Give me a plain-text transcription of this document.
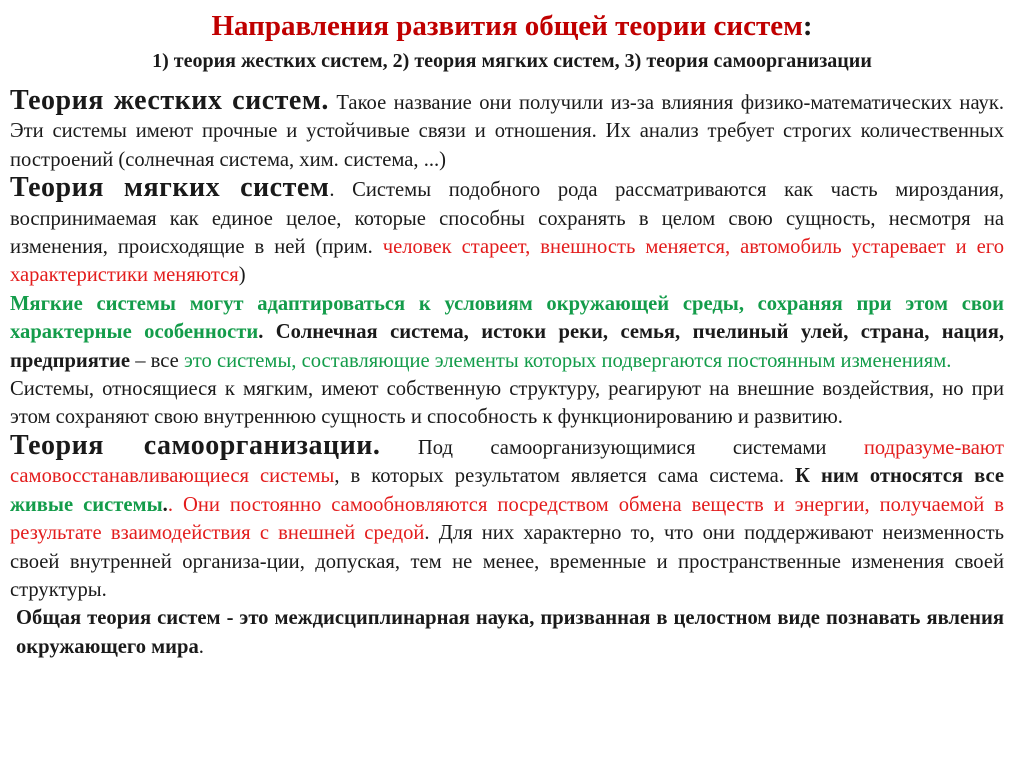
Направления развития общей теории систем:
1) теория жестких систем, 2) теория мягких систем, 3) теория самоорганизации

Теория жестких систем. Такое название они получили из-за влияния физико-математических наук. Эти системы имеют прочные и устойчивые связи и отношения. Их анализ требует строгих количественных построений (солнечная система, хим. система, ...)

Теория мягких систем. Системы подобного рода рассматриваются как часть мироздания, воспринимаемая как единое целое, которые способны сохранять в целом свою сущность, несмотря на изменения, происходящие в ней (прим. человек стареет, внешность меняется, автомобиль устаревает и его характеристики меняются)

Мягкие системы могут адаптироваться к условиям окружающей среды, сохраняя при этом свои характерные особенности. Солнечная система, истоки реки, семья, пчелиный улей, страна, нация, предприятие – все это системы, составляющие элементы которых подвергаются постоянным изменениям.

Системы, относящиеся к мягким, имеют собственную структуру, реагируют на внешние воздействия, но при этом сохраняют свою внутреннюю сущность и способность к функционированию и развитию.

Теория самоорганизации. Под самоорганизующимися системами подразуме-вают самовосстанавливающиеся системы, в которых результатом является сама система. К ним относятся все живые системы.. Они постоянно самообновляются посредством обмена веществ и энергии, получаемой в результате взаимодействия с внешней средой. Для них характерно то, что они поддерживают неизменность своей внутренней организа-ции, допуская, тем не менее, временные и пространственные изменения своей структуры.

Общая теория систем - это междисциплинарная наука, призванная в целостном виде познавать явления окружающего мира.
